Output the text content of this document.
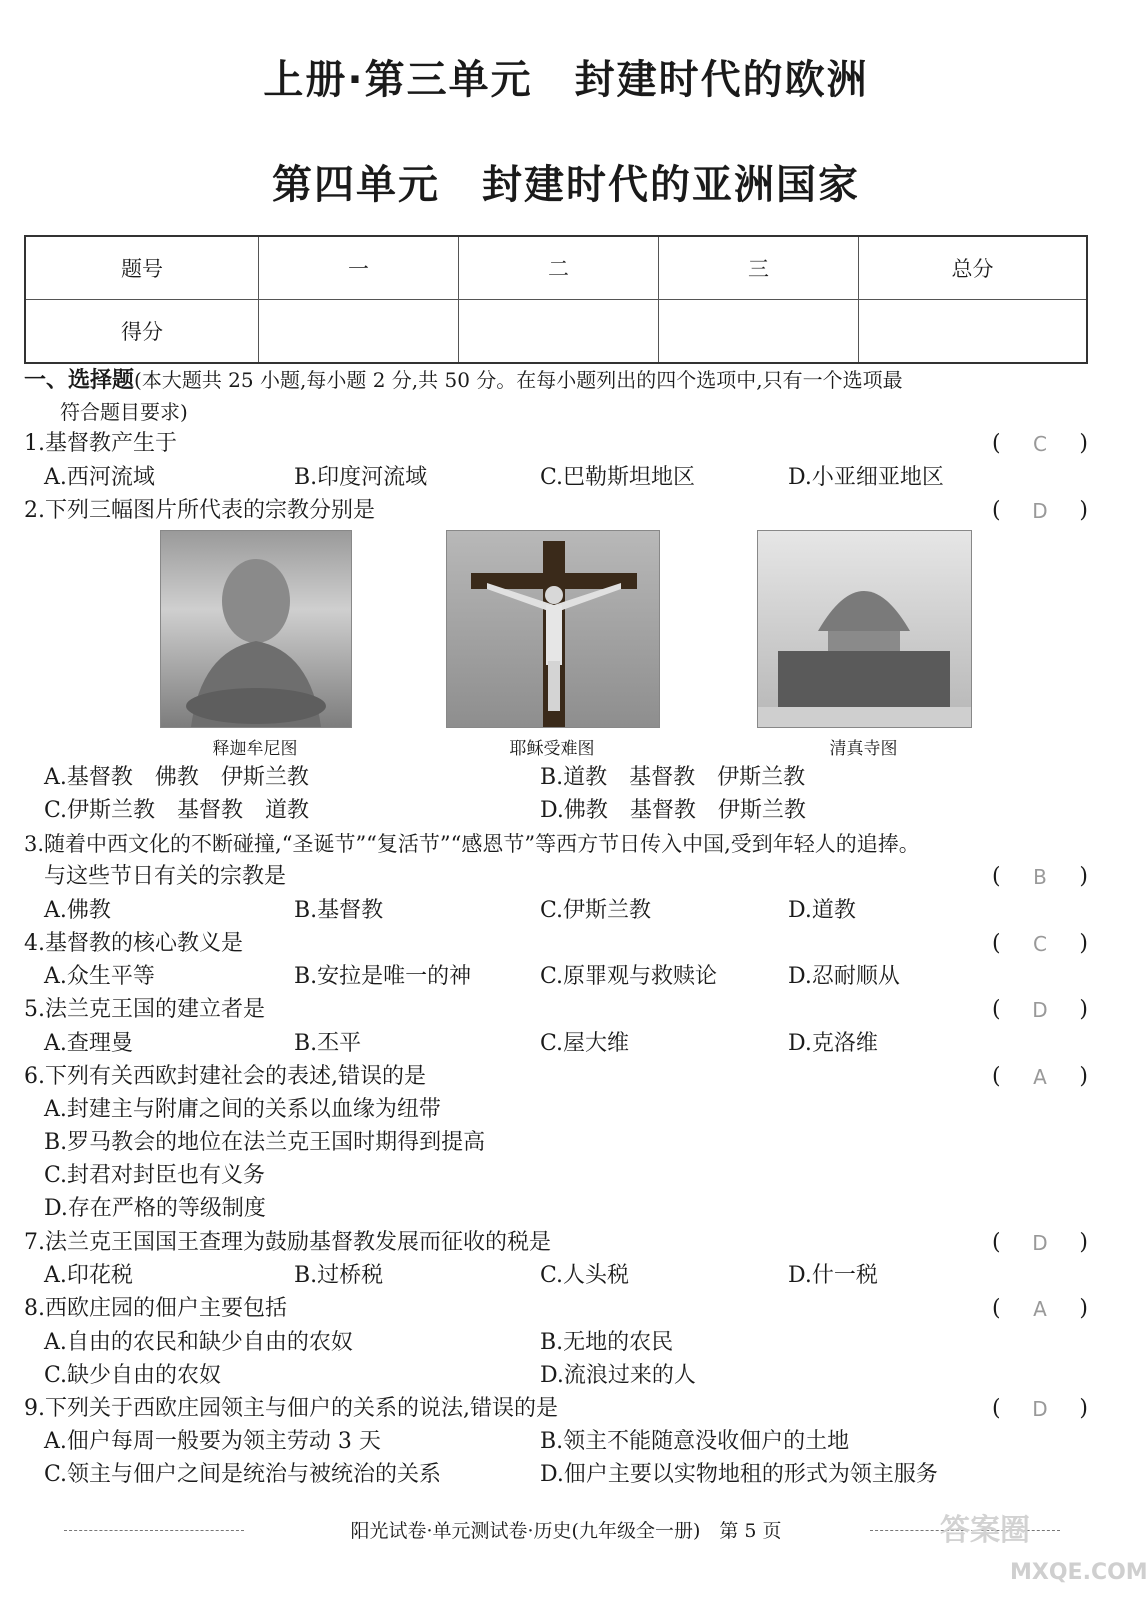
上册·第三单元　封建时代的欧洲
第四单元　封建时代的亚洲国家
题号	一	二	三	总分
得分				
一、选择题(本大题共 25 小题,每小题 2 分,共 50 分。在每小题列出的四个选项中,只有一个选项最
符合题目要求)
1.基督教产生于	( C )
A.西河流域	B.印度河流域	C.巴勒斯坦地区	D.小亚细亚地区
2.下列三幅图片所代表的宗教分别是	( D )
释迦牟尼图	耶稣受难图	清真寺图
A.基督教　佛教　伊斯兰教	B.道教　基督教　伊斯兰教
C.伊斯兰教　基督教　道教	D.佛教　基督教　伊斯兰教
3.随着中西文化的不断碰撞,“圣诞节”“复活节”“感恩节”等西方节日传入中国,受到年轻人的追捧。
与这些节日有关的宗教是	( B )
A.佛教	B.基督教	C.伊斯兰教	D.道教
4.基督教的核心教义是	( C )
A.众生平等	B.安拉是唯一的神	C.原罪观与救赎论	D.忍耐顺从
5.法兰克王国的建立者是	( D )
A.查理曼	B.丕平	C.屋大维	D.克洛维
6.下列有关西欧封建社会的表述,错误的是	( A )
A.封建主与附庸之间的关系以血缘为纽带
B.罗马教会的地位在法兰克王国时期得到提高
C.封君对封臣也有义务
D.存在严格的等级制度
7.法兰克王国国王查理为鼓励基督教发展而征收的税是	( D )
A.印花税	B.过桥税	C.人头税	D.什一税
8.西欧庄园的佃户主要包括	( A )
A.自由的农民和缺少自由的农奴	B.无地的农民
C.缺少自由的农奴	D.流浪过来的人
9.下列关于西欧庄园领主与佃户的关系的说法,错误的是	( D )
A.佃户每周一般要为领主劳动 3 天	B.领主不能随意没收佃户的土地
C.领主与佃户之间是统治与被统治的关系	D.佃户主要以实物地租的形式为领主服务
阳光试卷·单元测试卷·历史(九年级全一册)　第 5 页	答案圈
MXQE.COM
